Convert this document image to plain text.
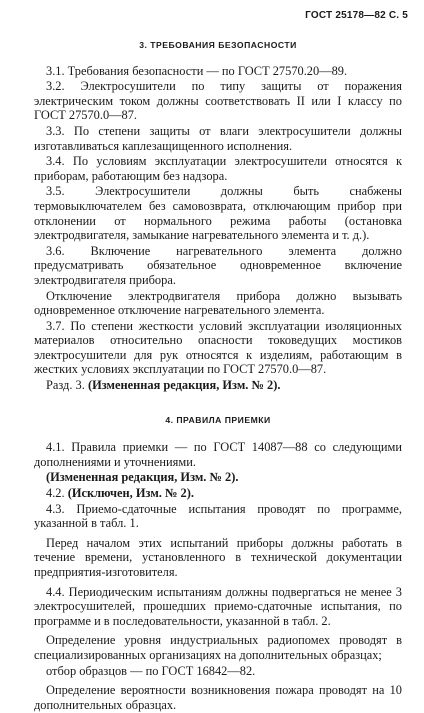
ГОСТ 25178—82 С. 5
3. ТРЕБОВАНИЯ БЕЗОПАСНОСТИ

3.1. Требования безопасности — по ГОСТ 27570.20—89.

3.2. Электросушители по типу защиты от поражения электрическим током должны соответствовать II или I классу по ГОСТ 27570.0—87.

3.3. По степени защиты от влаги электросушители должны изготавливаться каплезащищенного исполнения.

3.4. По условиям эксплуатации электросушители относятся к приборам, работающим без надзора.

3.5. Электросушители должны быть снабжены термовыключателем без самовозврата, отключающим прибор при отклонении от нормального режима работы (остановка электродвигателя, замыкание нагревательного элемента и т. д.).

3.6. Включение нагревательного элемента должно предусматривать обязательное одновременное включение электродвигателя прибора.

Отключение электродвигателя прибора должно вызывать одновременное отключение нагревательного элемента.

3.7. По степени жесткости условий эксплуатации изоляционных материалов относительно опасности токоведущих мостиков электросушители для рук относятся к изделиям, работающим в жестких условиях эксплуатации по ГОСТ 27570.0—87.

Разд. 3. (Измененная редакция, Изм. № 2).

4. ПРАВИЛА ПРИЕМКИ

4.1. Правила приемки — по ГОСТ 14087—88 со следующими дополнениями и уточнениями.

(Измененная редакция, Изм. № 2).

4.2. (Исключен, Изм. № 2).

4.3. Приемо-сдаточные испытания проводят по программе, указанной в табл. 1.

Перед началом этих испытаний приборы должны работать в течение времени, установленного в технической документации предприятия-изготовителя.

4.4. Периодическим испытаниям должны подвергаться не менее 3 электросушителей, прошедших приемо-сдаточные испытания, по программе и в последовательности, указанной в табл. 2.

Определение уровня индустриальных радиопомех проводят в специализированных организациях на дополнительных образцах;

отбор образцов — по ГОСТ 16842—82.

Определение вероятности возникновения пожара проводят на 10 дополнительных образцах.
